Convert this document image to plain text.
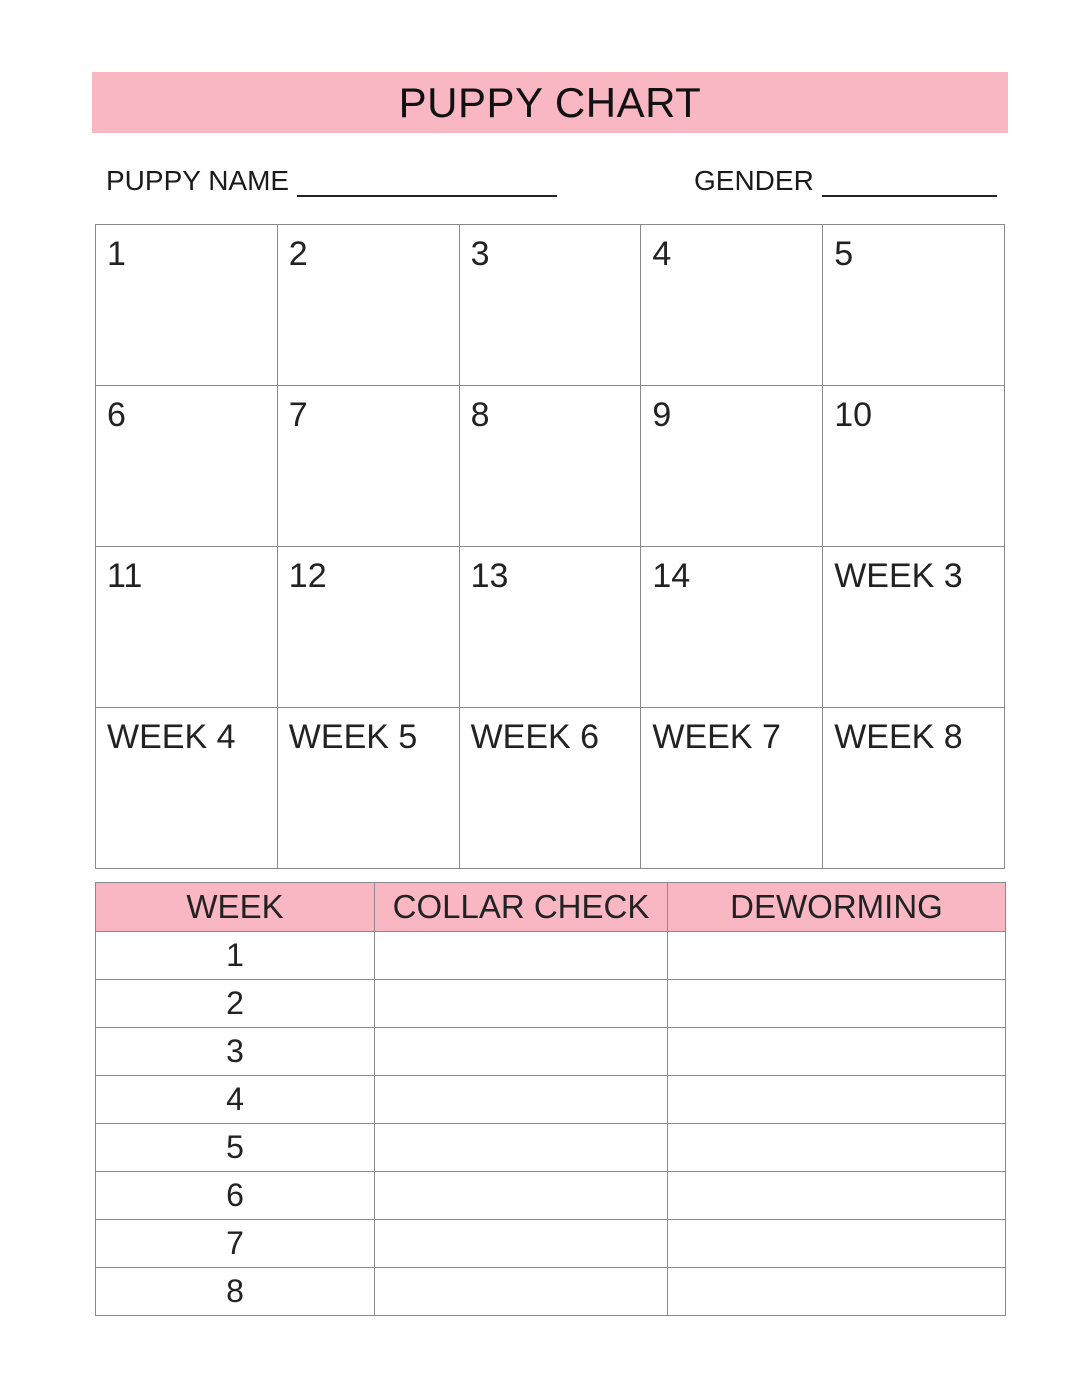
PUPPY CHART
PUPPY NAME	GENDER
1	2	3	4	5

6	7	8	9	10

11	12	13	14	WEEK 3

WEEK 4	WEEK 5	WEEK 6	WEEK 7	WEEK 8
WEEK	COLLAR CHECK	DEWORMING
1		
2		
3		
4		
5		
6		
7		
8		
